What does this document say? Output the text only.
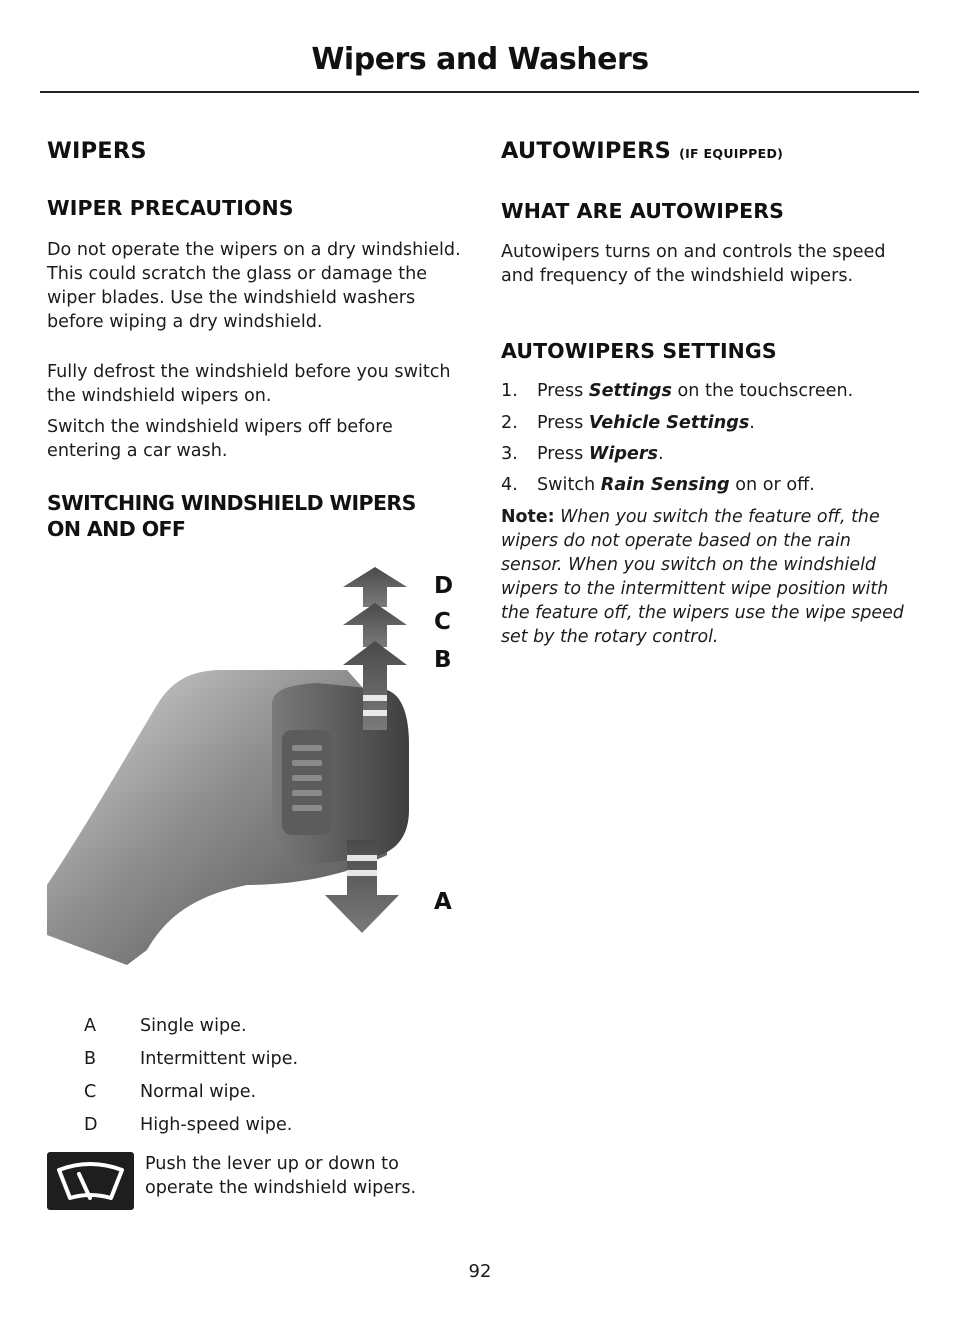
Wipers and Washers
WIPERS
WIPER PRECAUTIONS

Do not operate the wipers on a dry windshield. This could scratch the glass or damage the wiper blades. Use the windshield washers before wiping a dry windshield.

Fully defrost the windshield before you switch the windshield wipers on.

Switch the windshield wipers off before entering a car wash.

SWITCHING WINDSHIELD WIPERS
ON AND OFF
D
C
B
A
A Single wipe.
B Intermittent wipe.
C Normal wipe.
D High-speed wipe.
Push the lever up or down to
operate the windshield wipers.
AUTOWIPERS (IF EQUIPPED)
WHAT ARE AUTOWIPERS

Autowipers turns on and controls the speed and frequency of the windshield wipers.

AUTOWIPERS SETTINGS
1. Press Settings on the touchscreen.
2. Press Vehicle Settings.
3. Press Wipers.
4. Switch Rain Sensing on or off.
Note: When you switch the feature off, the wipers do not operate based on the rain sensor. When you switch on the windshield wipers to the intermittent wipe position with the feature off, the wipers use the wipe speed set by the rotary control.
92
